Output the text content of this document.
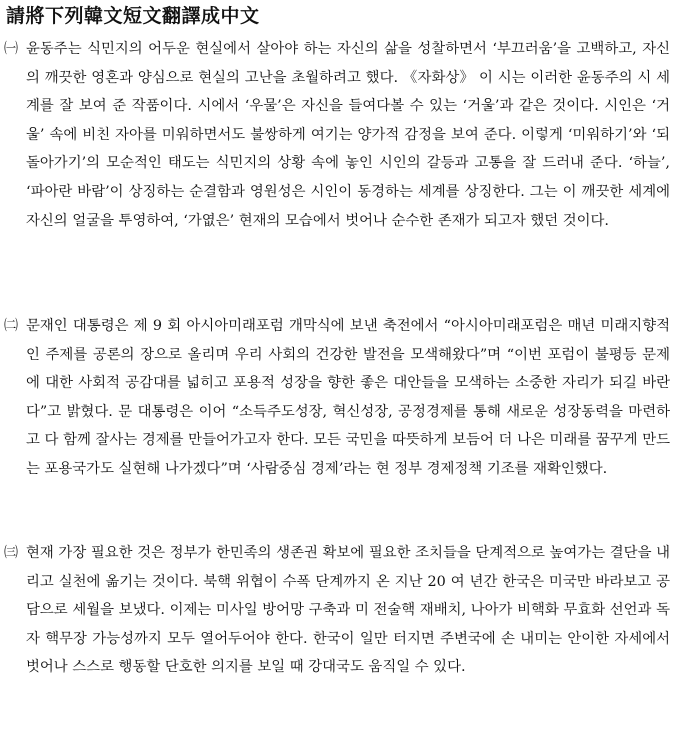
請將下列韓文短文翻譯成中文
㈠ 윤동주는 식민지의 어두운 현실에서 살아야 하는 자신의 삶을 성찰하면서 ‘부끄러움’을 고백하고, 자신의 깨끗한 영혼과 양심으로 현실의 고난을 초월하려고 했다. 《자화상》 이 시는 이러한 윤동주의 시 세계를 잘 보여 준 작품이다. 시에서 ‘우물’은 자신을 들여다볼 수 있는 ‘거울’과 같은 것이다. 시인은 ‘거울’ 속에 비친 자아를 미워하면서도 불쌍하게 여기는 양가적 감정을 보여 준다. 이렇게 ‘미워하기’와 ‘되돌아가기’의 모순적인 태도는 식민지의 상황 속에 놓인 시인의 갈등과 고통을 잘 드러내 준다. ‘하늘’, ‘파아란 바람’이 상징하는 순결함과 영원성은 시인이 동경하는 세계를 상징한다. 그는 이 깨끗한 세계에 자신의 얼굴을 투영하여, ‘가엾은’ 현재의 모습에서 벗어나 순수한 존재가 되고자 했던 것이다.
㈡ 문재인 대통령은 제 9 회 아시아미래포럼 개막식에 보낸 축전에서 “아시아미래포럼은 매년 미래지향적인 주제를 공론의 장으로 올리며 우리 사회의 건강한 발전을 모색해왔다”며 “이번 포럼이 불평등 문제에 대한 사회적 공감대를 넓히고 포용적 성장을 향한 좋은 대안들을 모색하는 소중한 자리가 되길 바란다”고 밝혔다. 문 대통령은 이어 “소득주도성장, 혁신성장, 공정경제를 통해 새로운 성장동력을 마련하고 다 함께 잘사는 경제를 만들어가고자 한다. 모든 국민을 따뜻하게 보듬어 더 나은 미래를 꿈꾸게 만드는 포용국가도 실현해 나가겠다”며 ‘사람중심 경제’라는 현 정부 경제정책 기조를 재확인했다.
㈢ 현재 가장 필요한 것은 정부가 한민족의 생존권 확보에 필요한 조치들을 단계적으로 높여가는 결단을 내리고 실천에 옮기는 것이다. 북핵 위협이 수폭 단계까지 온 지난 20 여 년간 한국은 미국만 바라보고 공담으로 세월을 보냈다. 이제는 미사일 방어망 구축과 미 전술핵 재배치, 나아가 비핵화 무효화 선언과 독자 핵무장 가능성까지 모두 열어두어야 한다. 한국이 일만 터지면 주변국에 손 내미는 안이한 자세에서 벗어나 스스로 행동할 단호한 의지를 보일 때 강대국도 움직일 수 있다.
